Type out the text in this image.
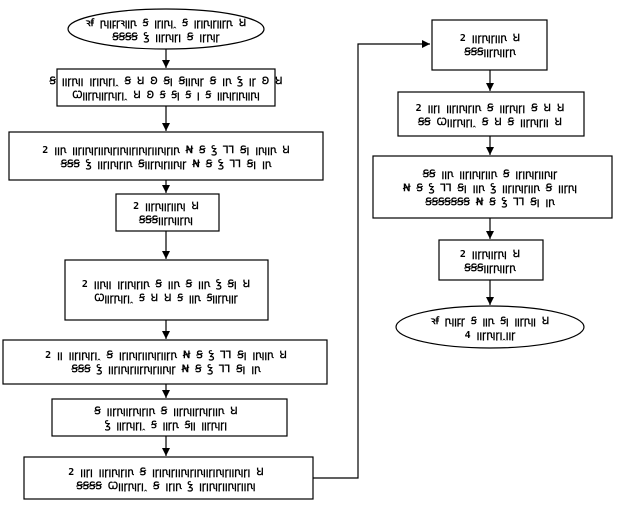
ꝛꞙ ꞃꞁꞁꝼꞅꝛꞁꞁꞃ Ꞩ ꞁꞅꞁꞃꞁꞈ Ꞩ ꞁꞅꞁꞃꞁꞅꞁꞁꞅꞃ Ꞟ
ꞨꞨꞨꞨ Ꝣ ꞁꞁꞅꞃꞁꞅꞁ Ꞩ ꞁꞅꞃꞁꞅ
Ꞩ ꞁꞁꞅꞃꞁꞁ ꞁꞅꞁꞃꞁꞅꞁꞈ Ꞩ Ꞟ Ꞝ Ꞩꞁ Ꞩꞁꞁꞃꞁꞅ Ꞩ ꞁꞃ Ꝣ ꞁꞅ Ꞝ Ꞟ
Ꞷꞁꞁꞅꞃꞁꞁꞅꞃꞁꞅꞁꞈ Ꞟ Ꞝ Ꞩ Ꞩꞁ Ꞩ ꞁ Ꞩ ꞁꞁꞃꞁꞅꞁꞃꞁꞁꞃꞁ
2 ꞁꞁꞃ ꞁꞁꞅꞁꞃꞁꞅꞁꞁꞃꞁꞅꞁꞃꞁꞁꞅꞁꞃꞁꞅꞁꞁꞃꞁꞅꞁꞃ Ꞥ Ꞩ Ꝣ ꞀꞀ Ꞩꞁ ꞁꞃꞁꞁꞃ Ꞟ
ꞨꞨꞨ Ꝣ ꞁꞁꞅꞁꞃꞁꞅꞁꞃ Ꞩꞁꞁꞅꞃꞁꞅꞁꞁꞃꞁꞅ Ꞥ Ꞩ Ꝣ ꞀꞀ Ꞩꞁ ꞁꞃ
2 ꞁꞁꞅꞃꞁꞁꞅꞁꞁꞃꞁ Ꞟ
ꞨꞨꞨꞁꞁꞅꞃꞁꞁꞅꞃꞁ
2 ꞁꞁꞃꞁꞁ ꞁꞅꞁꞃꞁꞅꞁꞃ Ꞩ ꞁꞁꞃ Ꞩ ꞁꞁꞃ Ꝣ Ꞩꞁ Ꞟ
Ꞷꞁꞁꞅꞃꞁꞅꞁꞈ Ꞩ Ꞟ Ꞟ Ꞩ ꞁꞁꞃ Ꞩꞁꞁꞅꞃꞁꞁꞅ
2 ꞁꞁ ꞁꞁꞅꞁꞃꞁꞅꞁꞈ Ꞩ ꞁꞅꞁꞃꞁꞅꞁꞁꞃꞁꞅꞁꞁꞅꞃ Ꞥ Ꞩ Ꝣ ꞀꞀ Ꞩꞁ ꞁꞃꞁꞁꞃ Ꞟ
ꞨꞨꞨ Ꝣ ꞁꞁꞅꞁꞃꞁꞅꞁꞁꞅꞃꞁꞅꞁꞁꞃꞁꞅ Ꞥ Ꞩ Ꝣ ꞀꞀ Ꞩꞁ ꞁꞃ
Ꞩ ꞁꞁꞅꞃꞁꞁꞅꞃꞁꞅꞁꞃ Ꞩ ꞁꞁꞅꞃꞁꞁꞅꞃꞁꞅꞁꞁꞃ Ꞟ
Ꝣ ꞁꞁꞅꞃꞁꞅꞁꞈ Ꞩ ꞁꞁꞅꞃ Ꞩꞁꞁ ꞁꞁꞅꞃꞁꞅꞁ
2 ꞁꞁꞅꞁ ꞁꞁꞅꞁꞃꞁꞅꞁꞃ Ꞩ ꞁꞅꞁꞃꞁꞅꞁꞁꞃꞁꞅꞁꞃꞁꞁꞅꞁꞃꞁꞅꞁꞁꞃꞁꞅꞁ Ꞟ
ꞨꞨꞨꞨ Ꞷꞁꞁꞅꞃꞁꞅꞁꞈ Ꞩ ꞁꞅꞁꞃ Ꝣ ꞁꞅꞁꞃꞁꞅꞁꞁꞃꞁꞅꞁꞁꞃꞁ
2 ꞁꞁꞅꞃꞁꞅꞁꞁꞃ Ꞟ
ꞨꞨꞨꞁꞁꞅꞃꞁꞁꞅꞃ
2 ꞁꞁꞅꞁ ꞁꞁꞅꞁꞃꞁꞅꞁꞃ Ꞩ ꞁꞁꞅꞃꞁꞅꞁ Ꞩ Ꞟ Ꞟ
ꞨꞨ Ꞷꞁꞁꞅꞃꞁꞅꞁꞈ Ꞩ Ꞟ Ꞩ ꞁꞁꞅꞃꞁꞅꞁꞁ Ꞟ
ꞨꞨ ꞁꞁꞃ ꞁꞁꞅꞁꞃꞁꞅꞁꞁꞃ Ꞩ ꞁꞅꞁꞃꞁꞅꞁꞁꞃꞁꞅ
Ꞥ Ꞩ Ꝣ ꞀꞀ Ꞩꞁ ꞁꞁꞃ Ꝣ ꞁꞁꞅꞁꞃꞁꞅꞁꞁꞃ Ꞩ ꞁꞁꞅꞃꞁ
ꞨꞨꞨꞨꞨꞨꞨ Ꞥ Ꞩ Ꝣ ꞀꞀ Ꞩꞁ ꞁꞃ
2 ꞁꞁꞅꞃꞁꞁꞅꞃꞁ Ꞟ
ꞨꞨꞨꞁꞁꞅꞃꞁꞁꞅꞃ
ꝛꞙ ꞃꞁꞁꝼꞅ Ꞩ ꞁꞁꞃ Ꞩꞁ ꞁꞁꞅꞃꞁꞁ Ꞟ
4 ꞁꞁꞅꞃꞁꞅꞁꞈꞁꞁꞅ
